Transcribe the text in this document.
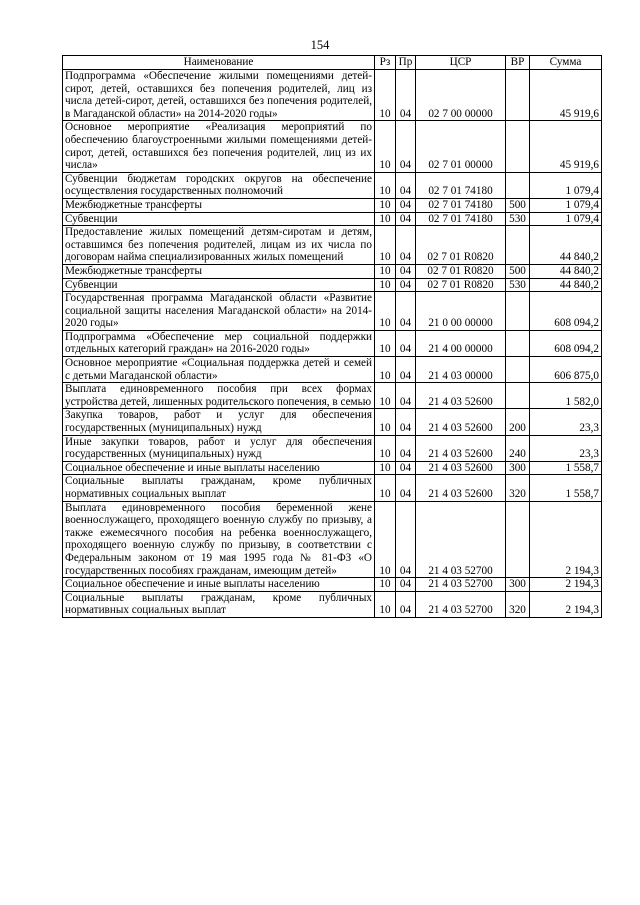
154
Наименование	Рз	Пр	ЦСР	ВР	Сумма
Подпрограмма «Обеспечение жилыми помещениями детей-сирот, детей, оставшихся без попечения родителей, лиц из числа детей-сирот, детей, оставшихся без попечения родителей, в Магаданской области» на 2014-2020 годы»	10	04	02 7 00 00000		45 919,6
Основное мероприятие «Реализация мероприятий по обеспечению благоустроенными жилыми помещениями детей-сирот, детей, оставшихся без попечения родителей, лиц из их числа»	10	04	02 7 01 00000		45 919,6
Субвенции бюджетам городских округов на обеспечение осуществления государственных полномочий	10	04	02 7 01 74180		1 079,4
Межбюджетные трансферты	10	04	02 7 01 74180	500	1 079,4
Субвенции	10	04	02 7 01 74180	530	1 079,4
Предоставление жилых помещений детям-сиротам и детям, оставшимся без попечения родителей, лицам из их числа по договорам найма специализированных жилых помещений	10	04	02 7 01 R0820		44 840,2
Межбюджетные трансферты	10	04	02 7 01 R0820	500	44 840,2
Субвенции	10	04	02 7 01 R0820	530	44 840,2
Государственная программа Магаданской области «Развитие социальной защиты населения Магаданской области» на 2014-2020 годы»	10	04	21 0 00 00000		608 094,2
Подпрограмма «Обеспечение мер социальной поддержки отдельных категорий граждан» на 2016-2020 годы»	10	04	21 4 00 00000		608 094,2
Основное мероприятие «Социальная поддержка детей и семей с детьми Магаданской области»	10	04	21 4 03 00000		606 875,0
Выплата единовременного пособия при всех формах устройства детей, лишенных родительского попечения, в семью	10	04	21 4 03 52600		1 582,0
Закупка товаров, работ и услуг для обеспечения государственных (муниципальных) нужд	10	04	21 4 03 52600	200	23,3
Иные закупки товаров, работ и услуг для обеспечения государственных (муниципальных) нужд	10	04	21 4 03 52600	240	23,3
Социальное обеспечение и иные выплаты населению	10	04	21 4 03 52600	300	1 558,7
Социальные выплаты гражданам, кроме публичных нормативных социальных выплат	10	04	21 4 03 52600	320	1 558,7
Выплата единовременного пособия беременной жене военнослужащего, проходящего военную службу по призыву, а также ежемесячного пособия на ребенка военнослужащего, проходящего военную службу по призыву, в соответствии с Федеральным законом от 19 мая 1995 года № 81-ФЗ «О государственных пособиях гражданам, имеющим детей»	10	04	21 4 03 52700		2 194,3
Социальное обеспечение и иные выплаты населению	10	04	21 4 03 52700	300	2 194,3
Социальные выплаты гражданам, кроме публичных нормативных социальных выплат	10	04	21 4 03 52700	320	2 194,3
